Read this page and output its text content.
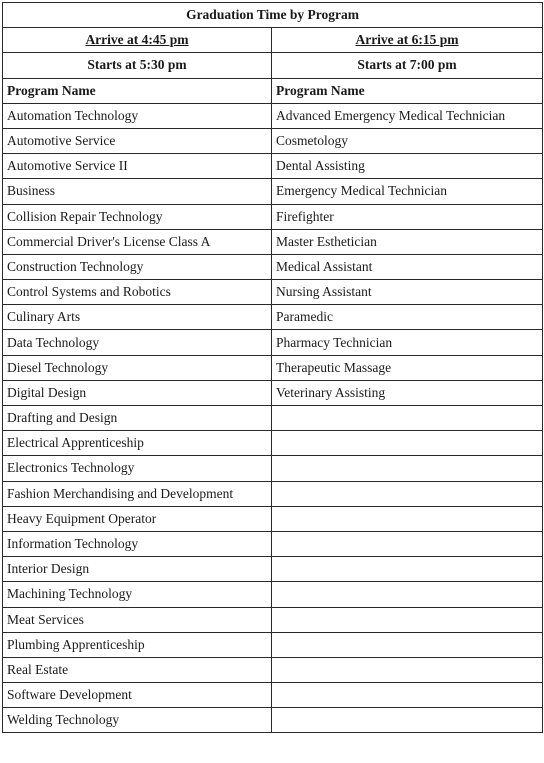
Graduation Time by Program	
Arrive at 4:45 pm	Arrive at 6:15 pm
Starts at 5:30 pm	Starts at 7:00 pm
Program Name	Program Name
Automation Technology	Advanced Emergency Medical Technician
Automotive Service	Cosmetology
Automotive Service II	Dental Assisting
Business	Emergency Medical Technician
Collision Repair Technology	Firefighter
Commercial Driver's License Class A	Master Esthetician
Construction Technology	Medical Assistant
Control Systems and Robotics	Nursing Assistant
Culinary Arts	Paramedic
Data Technology	Pharmacy Technician
Diesel Technology	Therapeutic Massage
Digital Design	Veterinary Assisting
Drafting and Design	
Electrical Apprenticeship	
Electronics Technology	
Fashion Merchandising and Development	
Heavy Equipment Operator	
Information Technology	
Interior Design	
Machining Technology	
Meat Services	
Plumbing Apprenticeship	
Real Estate	
Software Development	
Welding Technology	
